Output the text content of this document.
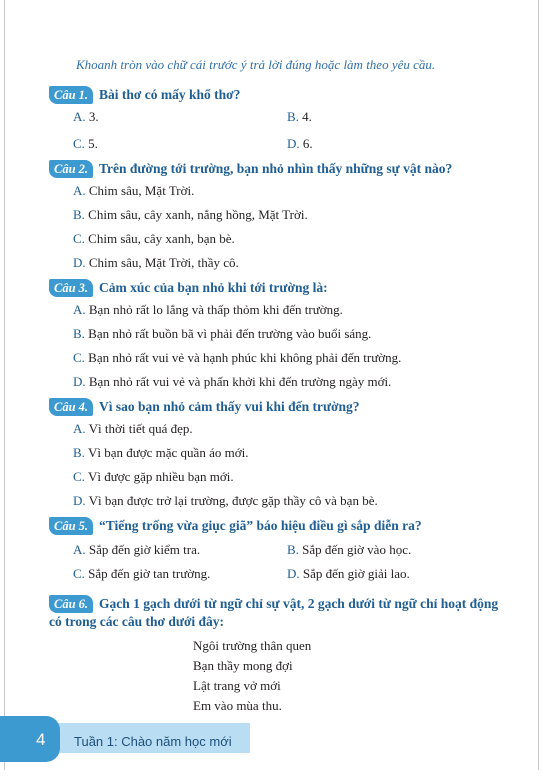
Khoanh tròn vào chữ cái trước ý trả lời đúng hoặc làm theo yêu cầu.
Câu 1. Bài thơ có mấy khổ thơ?
A. 3.	B. 4.
C. 5.	D. 6.
Câu 2. Trên đường tới trường, bạn nhỏ nhìn thấy những sự vật nào?
A. Chim sâu, Mặt Trời.
B. Chim sâu, cây xanh, nắng hồng, Mặt Trời.
C. Chim sâu, cây xanh, bạn bè.
D. Chim sâu, Mặt Trời, thầy cô.
Câu 3. Cảm xúc của bạn nhỏ khi tới trường là:
A. Bạn nhỏ rất lo lắng và thấp thỏm khi đến trường.
B. Bạn nhỏ rất buồn bã vì phải đến trường vào buổi sáng.
C. Bạn nhỏ rất vui vẻ và hạnh phúc khi không phải đến trường.
D. Bạn nhỏ rất vui vẻ và phấn khởi khi đến trường ngày mới.
Câu 4. Vì sao bạn nhỏ cảm thấy vui khi đến trường?
A. Vì thời tiết quá đẹp.
B. Vì bạn được mặc quần áo mới.
C. Vì được gặp nhiều bạn mới.
D. Vì bạn được trở lại trường, được gặp thầy cô và bạn bè.
Câu 5. “Tiếng trống vừa giục giã” báo hiệu điều gì sắp diễn ra?
A. Sắp đến giờ kiểm tra.	B. Sắp đến giờ vào học.
C. Sắp đến giờ tan trường.	D. Sắp đến giờ giải lao.
Câu 6. Gạch 1 gạch dưới từ ngữ chỉ sự vật, 2 gạch dưới từ ngữ chỉ hoạt động
có trong các câu thơ dưới đây:
Ngôi trường thân quen
Bạn thầy mong đợi
Lật trang vở mới
Em vào mùa thu.
4 Tuần 1: Chào năm học mới
